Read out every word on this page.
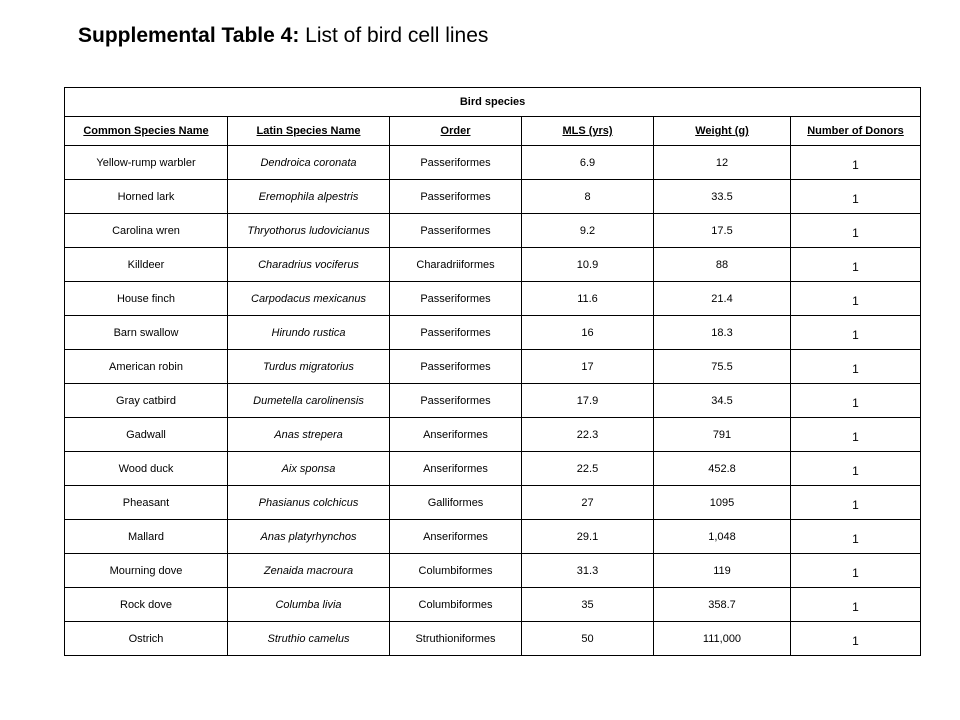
Supplemental Table 4: List of bird cell lines
Bird species					
Common Species Name	Latin Species Name	Order	MLS (yrs)	Weight (g)	Number of Donors
Yellow-rump warbler	Dendroica coronata	Passeriformes	6.9	12	1
Horned lark	Eremophila alpestris	Passeriformes	8	33.5	1
Carolina wren	Thryothorus ludovicianus	Passeriformes	9.2	17.5	1
Killdeer	Charadrius vociferus	Charadriiformes	10.9	88	1
House finch	Carpodacus mexicanus	Passeriformes	11.6	21.4	1
Barn swallow	Hirundo rustica	Passeriformes	16	18.3	1
American robin	Turdus migratorius	Passeriformes	17	75.5	1
Gray catbird	Dumetella carolinensis	Passeriformes	17.9	34.5	1
Gadwall	Anas strepera	Anseriformes	22.3	791	1
Wood duck	Aix sponsa	Anseriformes	22.5	452.8	1
Pheasant	Phasianus colchicus	Galliformes	27	1095	1
Mallard	Anas platyrhynchos	Anseriformes	29.1	1,048	1
Mourning dove	Zenaida macroura	Columbiformes	31.3	119	1
Rock dove	Columba livia	Columbiformes	35	358.7	1
Ostrich	Struthio camelus	Struthioniformes	50	111,000	1
